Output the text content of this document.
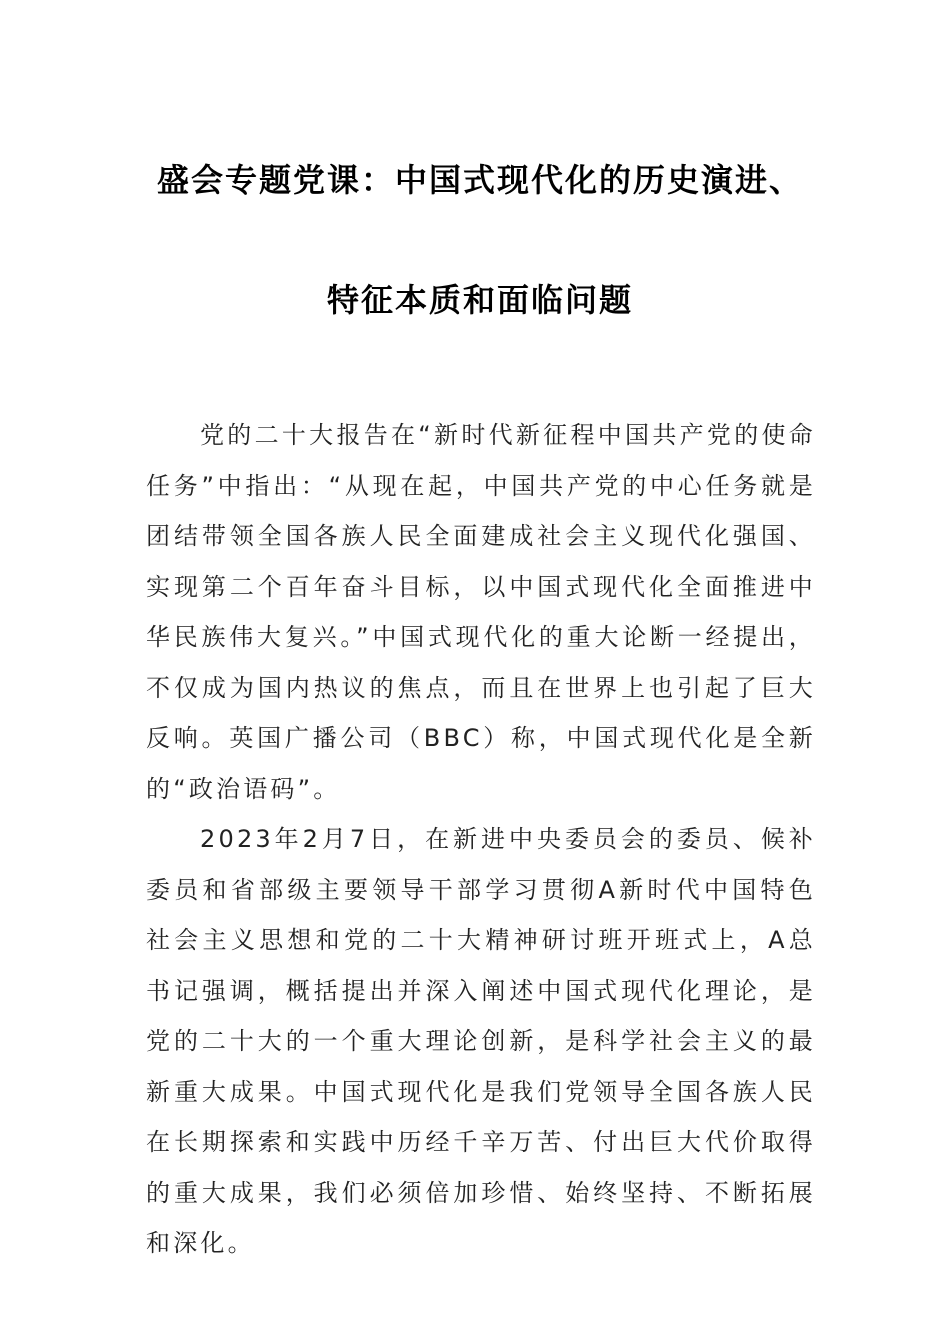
盛会专题党课：中国式现代化的历史演进、
特征本质和面临问题

党的二十大报告在“新时代新征程中国共产党的使命任务”中指出：“从现在起，中国共产党的中心任务就是团结带领全国各族人民全面建成社会主义现代化强国、实现第二个百年奋斗目标，以中国式现代化全面推进中华民族伟大复兴。”中国式现代化的重大论断一经提出，不仅成为国内热议的焦点，而且在世界上也引起了巨大反响。英国广播公司（BBC）称，中国式现代化是全新的“政治语码”。

2023年2月7日，在新进中央委员会的委员、候补委员和省部级主要领导干部学习贯彻A新时代中国特色社会主义思想和党的二十大精神研讨班开班式上，A总书记强调，概括提出并深入阐述中国式现代化理论，是党的二十大的一个重大理论创新，是科学社会主义的最新重大成果。中国式现代化是我们党领导全国各族人民在长期探索和实践中历经千辛万苦、付出巨大代价取得的重大成果，我们必须倍加珍惜、始终坚持、不断拓展和深化。
